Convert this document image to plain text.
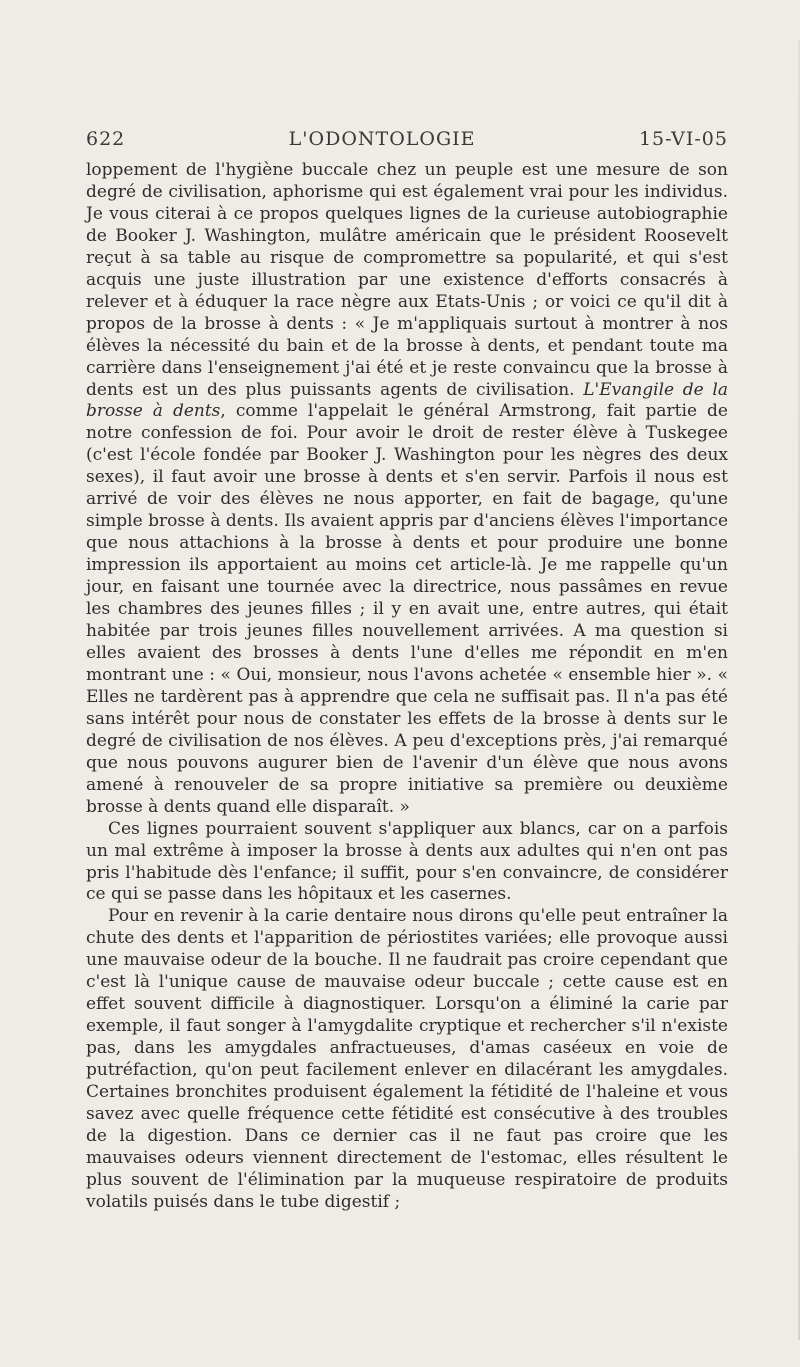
622	L'ODONTOLOGIE	15-VI-05

loppement de l'hygiène buccale chez un peuple est une mesure de son degré de civilisation, aphorisme qui est également vrai pour les individus. Je vous citerai à ce propos quelques lignes de la curieuse autobiographie de Booker J. Washington, mulâtre américain que le président Roosevelt reçut à sa table au risque de compromettre sa popularité, et qui s'est acquis une juste illustration par une existence d'efforts consacrés à relever et à éduquer la race nègre aux Etats-Unis ; or voici ce qu'il dit à propos de la brosse à dents : « Je m'appliquais surtout à montrer à nos élèves la nécessité du bain et de la brosse à dents, et pendant toute ma carrière dans l'enseignement j'ai été et je reste convaincu que la brosse à dents est un des plus puissants agents de civilisation. L'Evangile de la brosse à dents, comme l'appelait le général Armstrong, fait partie de notre confession de foi. Pour avoir le droit de rester élève à Tuskegee (c'est l'école fondée par Booker J. Washington pour les nègres des deux sexes), il faut avoir une brosse à dents et s'en servir. Parfois il nous est arrivé de voir des élèves ne nous apporter, en fait de bagage, qu'une simple brosse à dents. Ils avaient appris par d'anciens élèves l'importance que nous attachions à la brosse à dents et pour produire une bonne impression ils apportaient au moins cet article-là. Je me rappelle qu'un jour, en faisant une tournée avec la directrice, nous passâmes en revue les chambres des jeunes filles ; il y en avait une, entre autres, qui était habitée par trois jeunes filles nouvellement arrivées. A ma question si elles avaient des brosses à dents l'une d'elles me répondit en m'en montrant une : « Oui, monsieur, nous l'avons achetée « ensemble hier ». « Elles ne tardèrent pas à apprendre que cela ne suffisait pas. Il n'a pas été sans intérêt pour nous de constater les effets de la brosse à dents sur le degré de civilisation de nos élèves. A peu d'exceptions près, j'ai remarqué que nous pouvons augurer bien de l'avenir d'un élève que nous avons amené à renouveler de sa propre initiative sa première ou deuxième brosse à dents quand elle disparaît. »

Ces lignes pourraient souvent s'appliquer aux blancs, car on a parfois un mal extrême à imposer la brosse à dents aux adultes qui n'en ont pas pris l'habitude dès l'enfance; il suffit, pour s'en convaincre, de considérer ce qui se passe dans les hôpitaux et les casernes.

Pour en revenir à la carie dentaire nous dirons qu'elle peut entraîner la chute des dents et l'apparition de périostites variées; elle provoque aussi une mauvaise odeur de la bouche. Il ne faudrait pas croire cependant que c'est là l'unique cause de mauvaise odeur buccale ; cette cause est en effet souvent difficile à diagnostiquer. Lorsqu'on a éliminé la carie par exemple, il faut songer à l'amygdalite cryptique et rechercher s'il n'existe pas, dans les amygdales anfractueuses, d'amas caséeux en voie de putréfaction, qu'on peut facilement enlever en dilacérant les amygdales. Certaines bronchites produisent également la fétidité de l'haleine et vous savez avec quelle fréquence cette fétidité est consécutive à des troubles de la digestion. Dans ce dernier cas il ne faut pas croire que les mauvaises odeurs viennent directement de l'estomac, elles résultent le plus souvent de l'élimination par la muqueuse respiratoire de produits volatils puisés dans le tube digestif ;
